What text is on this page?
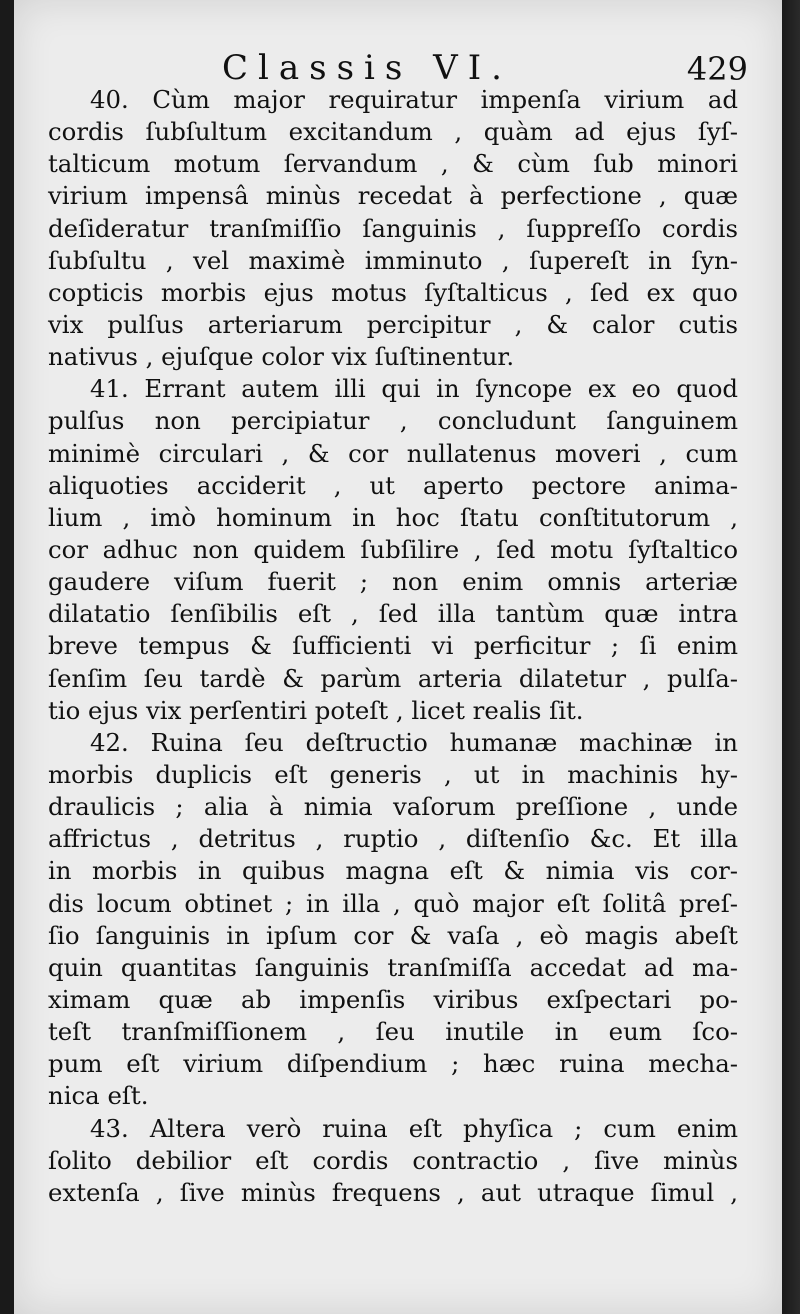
Classis VI.	429
40. Cùm major requiratur impenſa virium ad
cordis ſubſultum excitandum , quàm ad ejus ſyſ-
talticum motum ſervandum , & cùm ſub minori
virium impensâ minùs recedat à perfectione , quæ
deſideratur tranſmiſſio ſanguinis , ſuppreſſo cordis
ſubſultu , vel maximè imminuto , ſupereſt in ſyn-
copticis morbis ejus motus ſyſtalticus , ſed ex quo
vix pulſus arteriarum percipitur , & calor cutis
nativus , ejuſque color vix ſuſtinentur.
41. Errant autem illi qui in ſyncope ex eo quod
pulſus non percipiatur , concludunt ſanguinem
minimè circulari , & cor nullatenus moveri , cum
aliquoties acciderit , ut aperto pectore anima-
lium , imò hominum in hoc ſtatu conſtitutorum ,
cor adhuc non quidem ſubſilire , ſed motu ſyſtaltico
gaudere viſum fuerit ; non enim omnis arteriæ
dilatatio ſenſibilis eſt , ſed illa tantùm quæ intra
breve tempus & ſufficienti vi perficitur ; ſi enim
ſenſim ſeu tardè & parùm arteria dilatetur , pulſa-
tio ejus vix perſentiri poteſt , licet realis ſit.
42. Ruina ſeu deſtructio humanæ machinæ in
morbis duplicis eſt generis , ut in machinis hy-
draulicis ; alia à nimia vaſorum preſſione , unde
affrictus , detritus , ruptio , diſtenſio &c. Et illa
in morbis in quibus magna eſt & nimia vis cor-
dis locum obtinet ; in illa , quò major eſt ſolitâ preſ-
ſio ſanguinis in ipſum cor & vaſa , eò magis abeſt
quin quantitas ſanguinis tranſmiſſa accedat ad ma-
ximam quæ ab impenſis viribus exſpectari po-
teſt tranſmiſſionem , ſeu inutile in eum ſco-
pum eſt virium diſpendium ; hæc ruina mecha-
nica eſt.
43. Altera verò ruina eſt phyſica ; cum enim
ſolito debilior eſt cordis contractio , ſive minùs
extenſa , ſive minùs frequens , aut utraque ſimul ,
